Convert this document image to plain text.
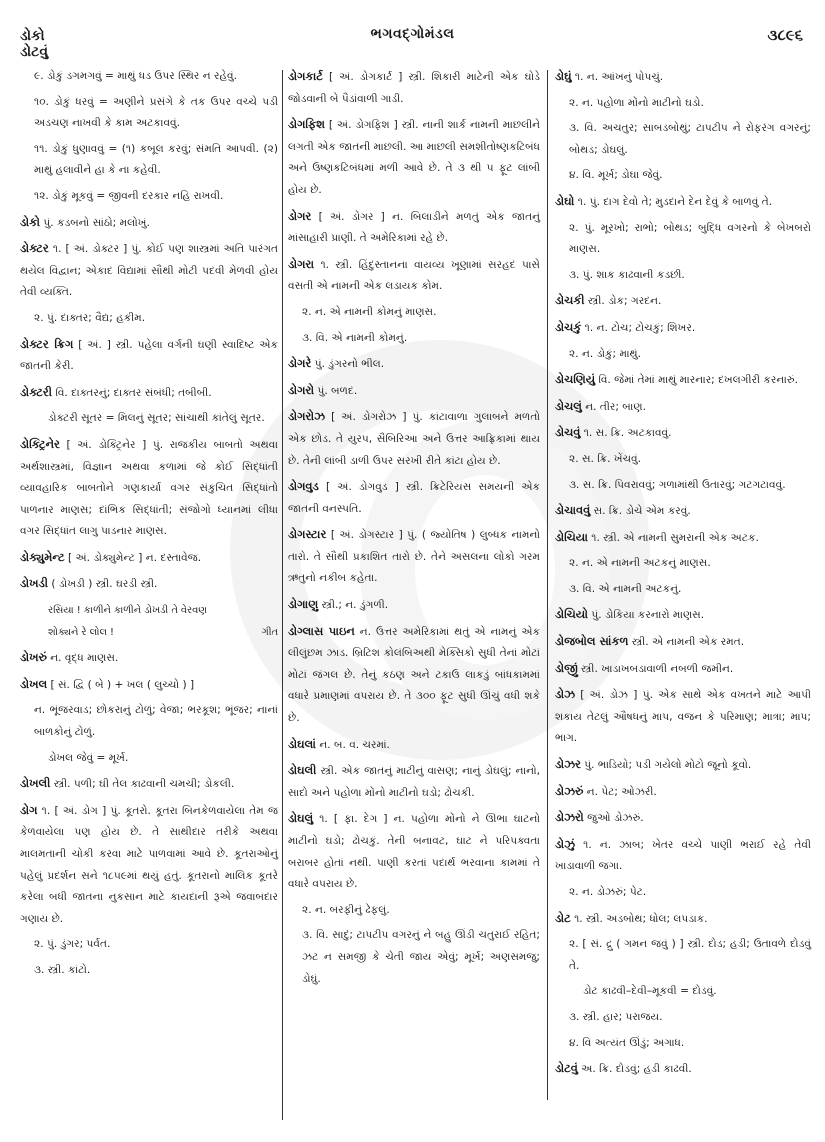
ડોકો
ડોટવું
ભગવદ્ગોમંડલ	૩૮૯૬
૯. ડોકું ડગમગવું = માથું ધડ ઉપર સ્થિર ન રહેવું.
૧૦. ડોકું ધરવું = અણીને પ્રસંગે કે તક ઉપર વચ્ચે પડી અડચણ નાખવી કે કામ અટકાવવું.
૧૧. ડોકું ધુણાવવું = (૧) કબૂલ કરવું; સંમતિ આપવી. (૨) માથું હલાવીને હા કે ના કહેવી.
૧૨. ડોકું મૂકવું = જીવની દરકાર નહિ રાખવી.
ડોકો પું. કડબનો સાંઠો; મલોખું.
ડોક્ટર ૧. [ અં. ડોક્ટર ] પું. કોઈ પણ શાસ્ત્રમાં અતિ પારંગત થયેલ વિદ્વાન; એકાદ વિદ્યામાં સૌથી મોટી પદવી મેળવી હોય તેવી વ્યક્તિ.
૨. પું. દાક્તર; વૈદ્ય; હકીમ.
ડોક્ટર ક્રિગ [ અં. ] સ્ત્રી. પહેલા વર્ગની ઘણી સ્વાદિષ્ટ એક જાતની કેરી.
ડોક્ટરી વિ. દાક્તરનું; દાક્તર સંબંધી; તબીબી.
ડોક્ટરી સૂતર = મિલનું સૂતર; સાંચાથી કાંતેલું સૂતર.
ડોક્ટ્રિનેર [ અં. ડોક્ટ્રિનેર ] પું. રાજકીય બાબતો અથવા અર્થશાસ્ત્રમાં, વિજ્ઞાન અથવા કળામાં જે કોઈ સિદ્ધાંતી વ્યાવહારિક બાબતોને ગણકાર્યા વગર સંકુચિત સિદ્ધાંતો પાળનાર માણસ; દાંભિક સિદ્ધાંતી; સંજોગો ધ્યાનમાં લીધા વગર સિદ્ધાંત લાગુ પાડનાર માણસ.
ડોક્યુમેન્ટ [ અં. ડોક્યુમેન્ટ ] ન. દસ્તાવેજ.
ડોખડી ( ડોખડી ) સ્ત્રી. ઘરડી સ્ત્રી.
રસિયા ! કાળીને કાળીને ડોખડી તે વેરવણ
શોક્યને રે લોલ !	ગીત
ડોખરું ન. વૃદ્ધ માણસ.
ડોખલ [ સં. દ્વિ ( બે ) + ખલ ( લુચ્ચો ) ]
ન. ભૂંજરવાડ; છોકરાનું ટોળું; વેજા; ભરકૂશ; ભૂંજર; નાનાં બાળકોનું ટોળું.
ડોખલ જેવું = મૂર્ખ.
ડોખલી સ્ત્રી. પળી; ઘી તેલ કાઢવાની ચમચી; ડોકલી.
ડોગ ૧. [ અં. ડોગ ] પું. કૂતરો. કૂતરા બિનકેળવાયેલા તેમ જ કેળવાયેલા પણ હોય છે. તે સાથીદાર તરીકે અથવા માલમતાની ચોકી કરવા માટે પાળવામાં આવે છે. કૂતરાઓનું પહેલું પ્રદર્શન સને ૧૮૫૯માં થયું હતું. કૂતરાનો માલિક કૂતરે કરેલા બધી જાતના નુકસાન માટે કાયદાની રૂએ જવાબદાર ગણાય છે.
૨. પું. ડુંગર; પર્વત.
૩. સ્ત્રી. કાંટો.
ડોગકાર્ટ [ અં. ડોગકાર્ટ ] સ્ત્રી. શિકારી માટેની એક ઘોડે જોડવાની બે પૈડાંવાળી ગાડી.
ડોગફિશ [ અં. ડોગફિશ ] સ્ત્રી. નાની શાર્ક નામની માછલીને લગતી એક જાતની માછલી. આ માછલી સમશીતોષ્ણકટિબંધ અને ઉષ્ણકટિબંધમાં મળી આવે છે. તે ૩ થી ૫ ફૂટ લાંબી હોય છે.
ડોગર [ અં. ડોગર ] ન. બિલાડીને મળતું એક જાતનું માંસાહારી પ્રાણી. તે અમેરિકામાં રહે છે.
ડોગરા ૧. સ્ત્રી. હિંદુસ્તાનના વાયવ્ય ખૂણામાં સરહદ પાસે વસતી એ નામની એક લડાયક કોમ.
૨. ન. એ નામની કોમનું માણસ.
૩. વિ. એ નામની કોમનું.
ડોગરે પું. ડુંગરનો ભીલ.
ડોગરો પું. બળદ.
ડોગરોઝ [ અં. ડોગરોઝ ] પું. કાંટાવાળા ગુલાબને મળતો એક છોડ. તે યુરપ, સૈબિરિઆ અને ઉત્તર આફ્રિકામાં થાય છે. તેની લાંબી ડાળી ઉપર સરખી રીતે કાંટા હોય છે.
ડોગવુડ [ અં. ડોગવુડ ] સ્ત્રી. ક્રિટેરિયસ સમયની એક જાતની વનસ્પતિ.
ડોગસ્ટાર [ અં. ડોગસ્ટાર ] પું. ( જ્યોતિષ ) લુબ્ધક નામનો તારો. તે સૌથી પ્રકાશિત તારો છે. તેને અસલના લોકો ગરમ ઋતુનો નકીબ કહેતા.
ડોગાણુ સ્ત્રી.; ન. ડુંગળી.
ડોગ્લાસ પાઇન ન. ઉત્તર અમેરિકામાં થતું એ નામનું એક લીલુંછમ ઝાડ. બ્રિટિશ કોલંબિઅથી મેક્સિકો સુધી તેનાં મોટાં મોટાં જંગલ છે. તેનું કઠણ અને ટકાઉ લાકડું બાંધકામમાં વધારે પ્રમાણમાં વપરાય છે. તે ૩૦૦ ફૂટ સુધી ઊંચું વધી શકે છે.
ડોઘલાં ન. બ. વ. ચરમાં.
ડોઘલી સ્ત્રી. એક જાતનું માટીનું વાસણ; નાનું ડોઘલું; નાનો, સાદો અને પહોળા મોંનો માટીનો ઘડો; ઢોચકી.
ડોઘલું ૧. [ ફા. દેગ ] ન. પહોળા મોંનો ને ઊભા ઘાટનો માટીનો ઘડો; ઢોચકું. તેની બનાવટ, ઘાટ ને પરિપક્વતા બરાબર હોતાં નથી. પાણી કરતાં પદાર્થ ભરવાના કામમાં તે વધારે વપરાય છે.
૨. ન. બરફીનું ઢેફલું.
૩. વિ. સાદું; ટાપટીપ વગરનું ને બહુ ઊંડી ચતુરાઈ રહિત; ઝટ ન સમજી કે ચેતી જાય એવું; મૂર્ખ; અણસમજુ; ડોઘું.
ડોઘું ૧. ન. આંખનું પોપચું.
૨. ન. પહોળા મોંનો માટીનો ઘડો.
૩. વિ. અચતુર; સાબડબોથું; ટાપટીપ ને રોફરંગ વગરનું; બોથડ; ડોઘલું.
૪. વિ. મૂર્ખ; ડોઘા જેવું.
ડોઘો ૧. પું. દાગ દેવો તે; મુડદાને દેન દેવું કે બાળવું તે.
૨. પું. મૂરખો; રાભો; બોથડ; બુદ્ધિ વગરનો કે બેખબરો માણસ.
૩. પું. શાક કાઢવાની કડછી.
ડોચકી સ્ત્રી. ડોક; ગરદન.
ડોચકું ૧. ન. ટોચ; ટોચકું; શિખર.
૨. ન. ડોકું; માથું.
ડોચણિયું વિ. જેમાં તેમાં માથું મારનાર; દખલગીરી કરનારું.
ડોચલું ન. તીર; બાણ.
ડોચવું ૧. સ. ક્રિ. અટકાવવું.
૨. સ. ક્રિ. ખેંચવું.
૩. સ. ક્રિ. પિવરાવવું; ગળામાંથી ઉતારવું; ગટગટાવવું.
ડોચાવવું સ. ક્રિ. ડોચે એમ કરવું.
ડોચિયા ૧. સ્ત્રી. એ નામની સુમરાની એક અટક.
૨. ન. એ નામની અટકનું માણસ.
૩. વિ. એ નામની અટકનું.
ડોચિયો પું. ડોકિયા કરનારો માણસ.
ડોજબોલ સાંકળ સ્ત્રી. એ નામની એક રમત.
ડોજીું સ્ત્રી. ખાડાખબડાવાળી નબળી જમીન.
ડોઝ [ અં. ડોઝ ] પું. એક સાથે એક વખતને માટે આપી શકાય તેટલું ઔષધનું માપ, વજન કે પરિમાણ; માત્રા; માપ; ભાગ.
ડોઝર પું. ભાડિયો; પડી ગયેલો મોટો જૂનો કૂવો.
ડોઝરું ન. પેટ; ઓઝરી.
ડોઝરો જુઓ ડોઝરું.
ડોઝું ૧. ન. ઝાબ; ખેતર વચ્ચે પાણી ભરાઈ રહે તેવી ખાડાવાળી જગા.
૨. ન. ડોઝરું; પેટ.
ડોટ ૧. સ્ત્રી. અડબોથ; ધોલ; લપડાક.
૨. [ સં. દ્રુ ( ગમન જવું ) ] સ્ત્રી. દોડ; હડી; ઉતાવળે દોડવું તે.
ડોટ કાઢવી–દેવી–મૂકવી = દોડવું.
૩. સ્ત્રી. હાર; પરાજય.
૪. વિ અત્યંત ઊંડું; અગાધ.
ડોટવું અ. ક્રિ. દોડવું; હડી કાઢવી.
